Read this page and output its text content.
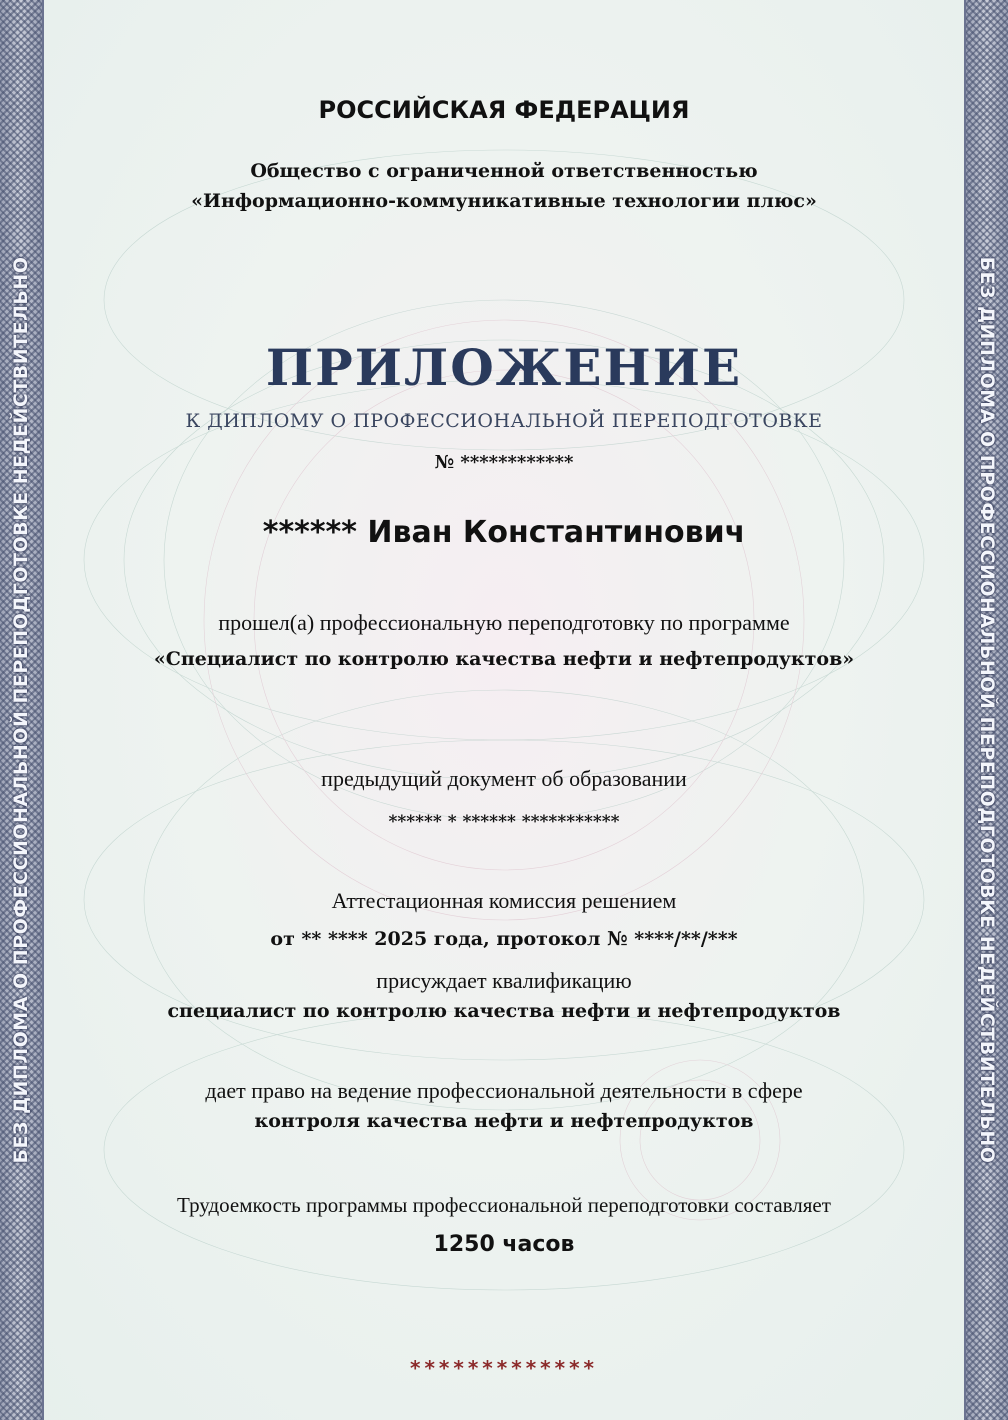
БЕЗ ДИПЛОМА О ПРОФЕССИОНАЛЬНОЙ ПЕРЕПОДГОТОВКЕ НЕДЕЙСТВИТЕЛЬНО	БЕЗ ДИПЛОМА О ПРОФЕССИОНАЛЬНОЙ ПЕРЕПОДГОТОВКЕ НЕДЕЙСТВИТЕЛЬНО
РОССИЙСКАЯ ФЕДЕРАЦИЯ
Общество с ограниченной ответственностью
«Информационно-коммуникативные технологии плюс»
ПРИЛОЖЕНИЕ
К ДИПЛОМУ О ПРОФЕССИОНАЛЬНОЙ ПЕРЕПОДГОТОВКЕ
№ ************
****** Иван Константинович
прошел(а) профессиональную переподготовку по программе
«Специалист по контролю качества нефти и нефтепродуктов»
предыдущий документ об образовании
****** * ****** ***********
Аттестационная комиссия решением
от ** **** 2025 года, протокол № ****/**/***
присуждает квалификацию
специалист по контролю качества нефти и нефтепродуктов
дает право на ведение профессиональной деятельности в сфере
контроля качества нефти и нефтепродуктов
Трудоемкость программы профессиональной переподготовки составляет
1250 часов
*************
